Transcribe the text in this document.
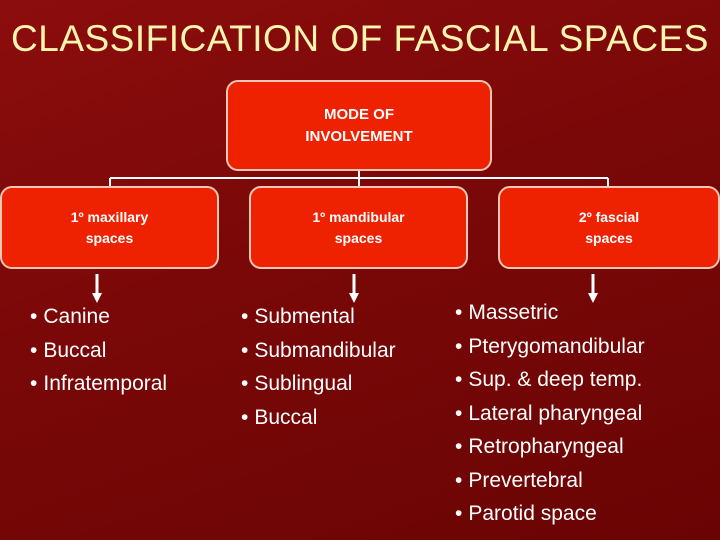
CLASSIFICATION OF FASCIAL SPACES
MODE OF
INVOLVEMENT
1º maxillary
spaces
1º mandibular
spaces
2º fascial
spaces
• Canine
• Buccal
• Infratemporal
• Submental
• Submandibular
• Sublingual
• Buccal
• Massetric
• Pterygomandibular
• Sup. & deep temp.
• Lateral pharyngeal
• Retropharyngeal
• Prevertebral
• Parotid space
